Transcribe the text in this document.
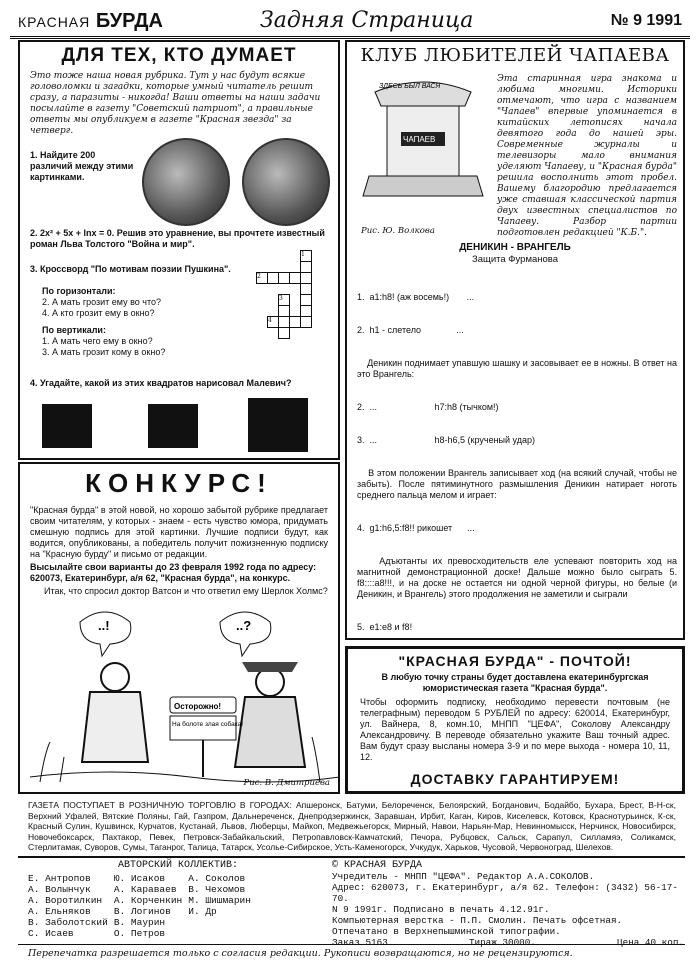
КРАСНАЯ БУРДА	Задняя Страница	№ 9 1991
ДЛЯ ТЕХ, КТО ДУМАЕТ
Это тоже наша новая рубрика. Тут у нас будут всякие головоломки и загадки, которые умный читатель решит сразу, а паразиты - никогда! Ваши ответы на наши задачи посылайте в газету "Советский патриот", а правильные ответы мы опубликуем в газете "Красная звезда" за четверг.
1. Найдите 200 различий между этими картинками.
2. 2x² + 5x + lnx = 0. Решив это уравнение, вы прочтете известный роман Льва Толстого "Война и мир".
3. Кроссворд "По мотивам поэзии Пушкина".
				1

2				

		3		

	4			

По горизонтали:
2. А мать грозит ему во что?
4. А кто грозит ему в окно?
По вертикали:
1. А мать чего ему в окно?
3. А мать грозит кому в окно?
4. Угадайте, какой из этих квадратов нарисовал Малевич?
КОНКУРС!
"Красная бурда" в этой новой, но хорошо забытой рубрике предлагает своим читателям, у которых - знаем - есть чувство юмора, придумать смешную подпись для этой картинки. Лучшие подписи будут, как водится, опубликованы, а победитель получит пожизненную подписку на "Красную бурду" и письмо от редакции.
Высылайте свои варианты до 23 февраля 1992 года по адресу: 620073, Екатеринбург, а/я 62, "Красная бурда", на конкурс.
Итак, что спросил доктор Ватсон и что ответил ему Шерлок Холмс?
..!	..?
Осторожно!
На болоте злая собака!
Рис. В. Дмитриева
КЛУБ ЛЮБИТЕЛЕЙ ЧАПАЕВА
ЧАПАЕВ
ЗДЕСЬ БЫЛ ВАСЯ
Рис. Ю. Волкова
Эта старинная игра знакома и любима многими. Историки отмечают, что игра с названием "Чапаев" впервые упоминается в китайских летописях начала девятого года до нашей эры. Современные журналы и телевизоры мало внимания уделяют Чапаеву, и "Красная бурда" решила восполнить этот пробел. Вашему благородию предлагается уже ставшая классической партия двух известных специалистов по Чапаеву. Разбор партии подготовлен редакцией "К.Б.".
ДЕНИКИН - ВРАНГЕЛЬ
Защита Фурманова

1.  a1:h8! (аж восемь!)       ...

2.  h1 - слетело              ...

Деникин поднимает упавшую шашку и засовывает ее в ножны. В ответ на это Врангель:

2.  ...                       h7:h8 (тычком!)

3.  ...                       h8-h6,5 (крученый удар)

В этом положении Врангель записывает ход (на всякий случай, чтобы не забыть). После пятиминутного размышления Деникин натирает ноготь среднего пальца мелом и играет:

4.  g1:h6,5:f8!! рикошет      ...

Адъютанты их превосходительств еле успевают повторить ход на магнитной демонстрационной доске! Дальше можно было сыграть 5. f8::::a8!!!, и на доске не остается ни одной черной фигуры, но белые (и Деникин, и Врангель) этого продолжения не заметили и сыграли

5.  e1:e8 и f8!

"КРАСНАЯ БУРДА" - ПОЧТОЙ!
В любую точку страны будет доставлена екатеринбургская юмористическая газета "Красная бурда".
Чтобы оформить подписку, необходимо перевести почтовым (не телеграфным) переводом 5 РУБЛЕЙ по адресу: 620014, Екатеринбург, ул. Вайнера, 8, комн.10, МНПП "ЦЕФА", Соколову Александру Александровичу. В переводе обязательно укажите Ваш точный адрес. Вам будут сразу высланы номера 3-9 и по мере выхода - номера 10, 11, 12.
ДОСТАВКУ ГАРАНТИРУЕМ!
ГАЗЕТА ПОСТУПАЕТ В РОЗНИЧНУЮ ТОРГОВЛЮ В ГОРОДАХ: Апшеронск, Батуми, Белореченск, Белоярский, Богданович, Бодайбо, Бухара, Брест, В-Н-ск, Верхний Уфалей, Вятские Поляны, Гай, Газпром, Дальнереченск, Днепродзержинск, Заравшан, Ирбит, Каган, Киров, Киселевск, Котовск, Краснотурьинск, К-ск, Красный Сулин, Кушвинск, Курчатов, Кустанай, Львов, Люберцы, Майкоп, Медвежьегорск, Мирный, Навои, Нарьян-Мар, Невинномысск, Нерчинск, Новосибирск, Новочебоксарск, Пахтакор, Певек, Петровск-Забайкальский, Петропавловск-Камчатский, Печора, Рубцовск, Сальск, Сарапул, Силламяэ, Соликамск, Стерлитамак, Суворов, Сумы, Таганрог, Талица, Татарск, Усолье-Сибирское, Усть-Каменогорск, Учкудук, Харьков, Чусовой, Червоноград, Шелехов.
АВТОРСКИЙ КОЛЛЕКТИВ:
Е. Антропов	Ю. Исаков	А. Соколов
А. Волынчук	А. Караваев	В. Чехомов
А. Воротилкин	А. Корченкин	М. Шишмарин
А. Ельняков	В. Логинов	И. Др
В. Заболотский	В. Маурин	
С. Исаев	О. Петров	
© КРАСНАЯ БУРДА
Учредитель - МНПП "ЦЕФА". Редактор А.А.СОКОЛОВ.
Адрес: 620073, г. Екатеринбург, а/я 62. Телефон: (3432) 56-17-70.
N 9 1991г. Подписано в печать 4.12.91г.
Компьютерная верстка - П.П. Смолин. Печать офсетная.
Отпечатано в Верхнепышминской типографии.
Заказ 5163	Тираж 30000.	Цена 40 коп.
Перепечатка разрешается только с согласия редакции. Рукописи возвращаются, но не рецензируются.
